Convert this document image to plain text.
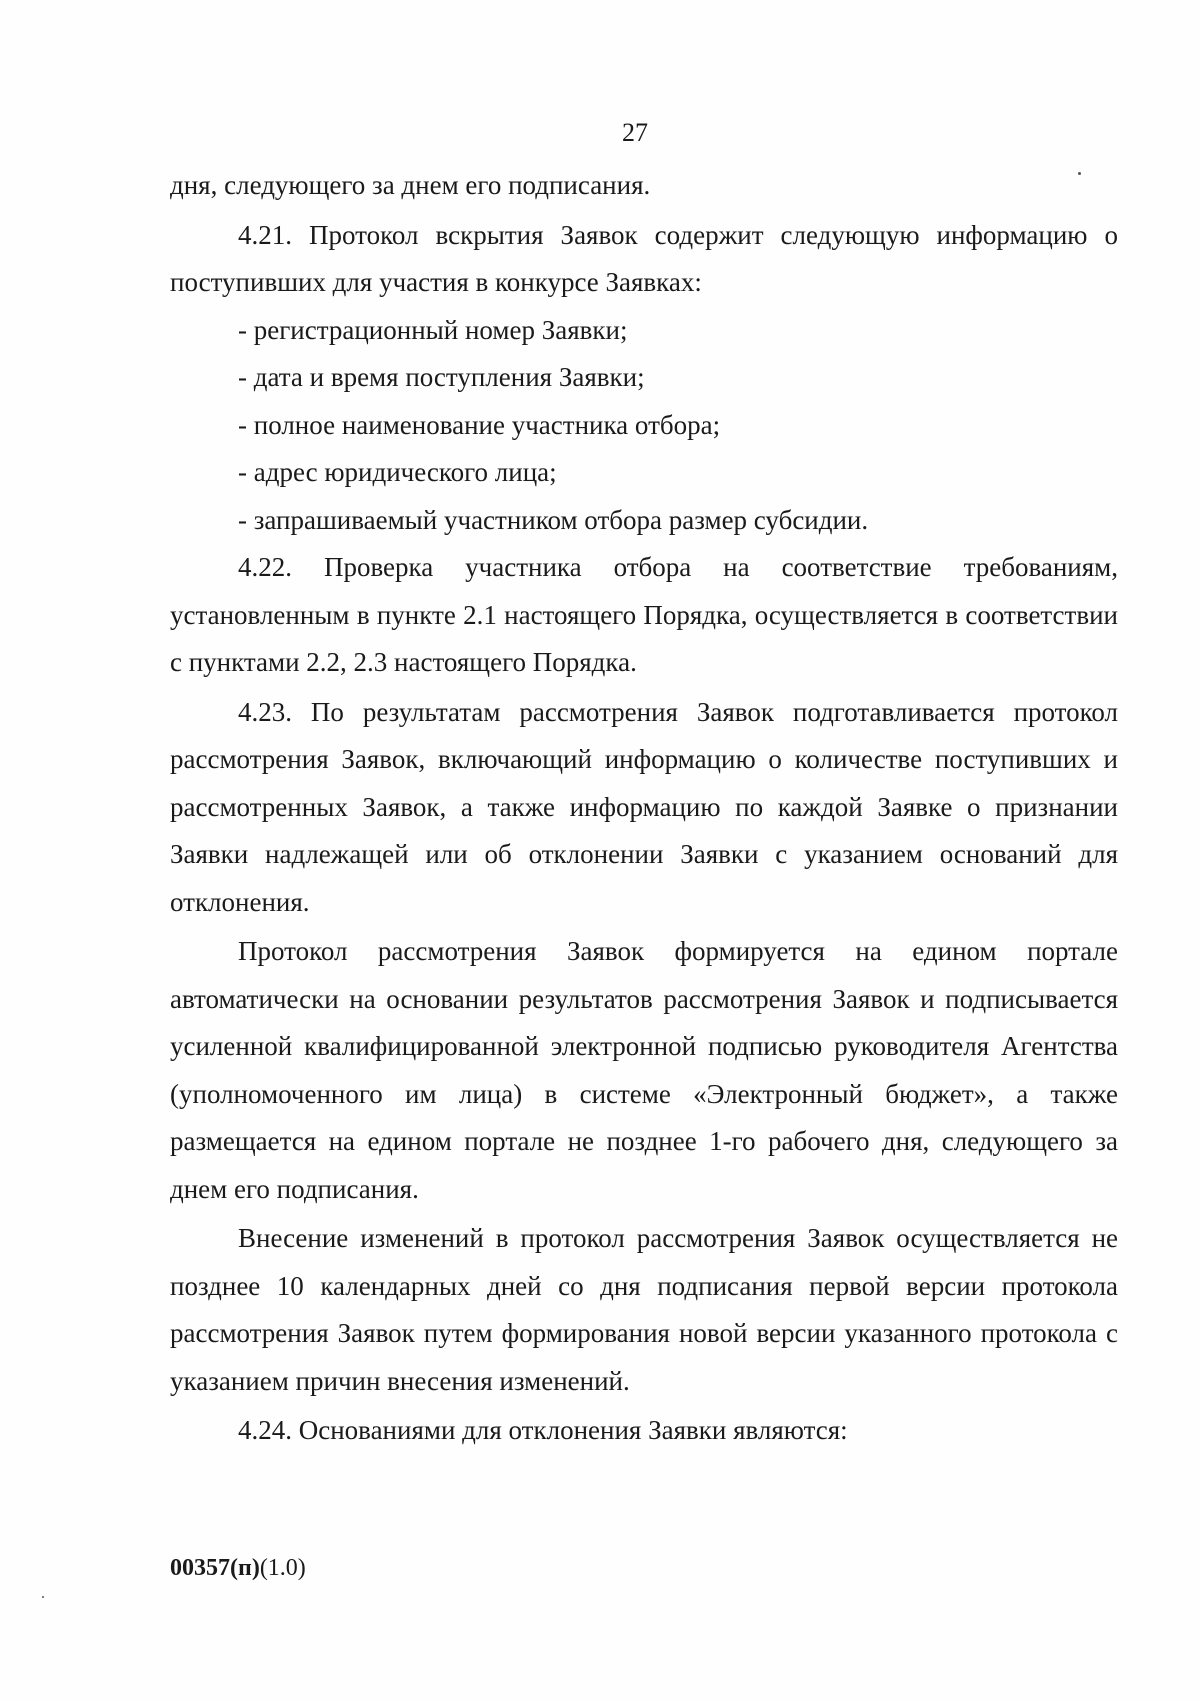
27

дня, следующего за днем его подписания.

4.21. Протокол вскрытия Заявок содержит следующую информацию о поступивших для участия в конкурсе Заявках:

- регистрационный номер Заявки;

- дата и время поступления Заявки;

- полное наименование участника отбора;

- адрес юридического лица;

- запрашиваемый участником отбора размер субсидии.

4.22. Проверка участника отбора на соответствие требованиям, установленным в пункте 2.1 настоящего Порядка, осуществляется в соответствии с пунктами 2.2, 2.3 настоящего Порядка.

4.23. По результатам рассмотрения Заявок подготавливается протокол рассмотрения Заявок, включающий информацию о количестве поступивших и рассмотренных Заявок, а также информацию по каждой Заявке о признании Заявки надлежащей или об отклонении Заявки с указанием оснований для отклонения.

Протокол рассмотрения Заявок формируется на едином портале автоматически на основании результатов рассмотрения Заявок и подписывается усиленной квалифицированной электронной подписью руководителя Агентства (уполномоченного им лица) в системе «Электронный бюджет», а также размещается на едином портале не позднее 1-го рабочего дня, следующего за днем его подписания.

Внесение изменений в протокол рассмотрения Заявок осуществляется не позднее 10 календарных дней со дня подписания первой версии протокола рассмотрения Заявок путем формирования новой версии указанного протокола с указанием причин внесения изменений.

4.24. Основаниями для отклонения Заявки являются:

00357(п)(1.0)
